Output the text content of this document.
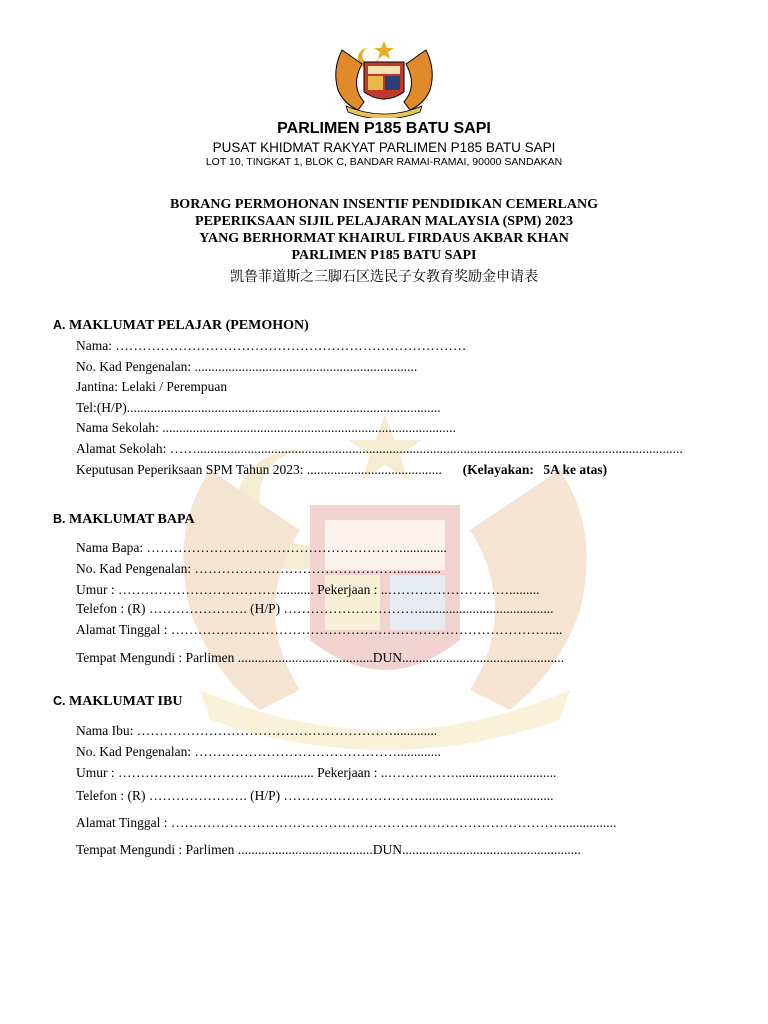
PARLIMEN P185 BATU SAPI
PUSAT KHIDMAT RAKYAT PARLIMEN P185 BATU SAPI
LOT 10, TINGKAT 1, BLOK C, BANDAR RAMAI-RAMAI, 90000 SANDAKAN
BORANG PERMOHONAN INSENTIF PENDIDIKAN CEMERLANG
PEPERIKSAAN SIJIL PELAJARAN MALAYSIA (SPM) 2023
YANG BERHORMAT KHAIRUL FIRDAUS AKBAR KHAN
PARLIMEN P185 BATU SAPI
凯鲁菲道斯之三脚石区选民子女教育奖励金申请表
A. MAKLUMAT PELAJAR (PEMOHON)
Nama: ……………………………………………………………………
No. Kad Pengenalan: ..................................................................
Jantina: Lelaki / Perempuan
Tel:(H/P).............................................................................................
Nama Sekolah: .......................................................................................
Alamat Sekolah: ……................................................................................................................................................
Keputusan Peperiksaan SPM Tahun 2023: ........................................ (Kelayakan: 5A ke atas)
B. MAKLUMAT BAPA
Nama Bapa: ………………………………………………….............
No. Kad Pengenalan: ……………………………………….............
Umur : ……………………………….......... Pekerjaan : ..……………………….........
Telefon : (R) …………………. (H/P) …………………………........................................
Alamat Tinggal : …………………………………………………………………………....
Tempat Mengundi : Parlimen ........................................DUN................................................
C. MAKLUMAT IBU
Nama Ibu: ………………………………………………….............
No. Kad Pengenalan: ……………………………………….............
Umur : ……………………………….......... Pekerjaan : ..……………..............................
Telefon : (R) …………………. (H/P) …………………………........................................
Alamat Tinggal : ……………………………………………………………………………................
Tempat Mengundi : Parlimen ........................................DUN.....................................................
